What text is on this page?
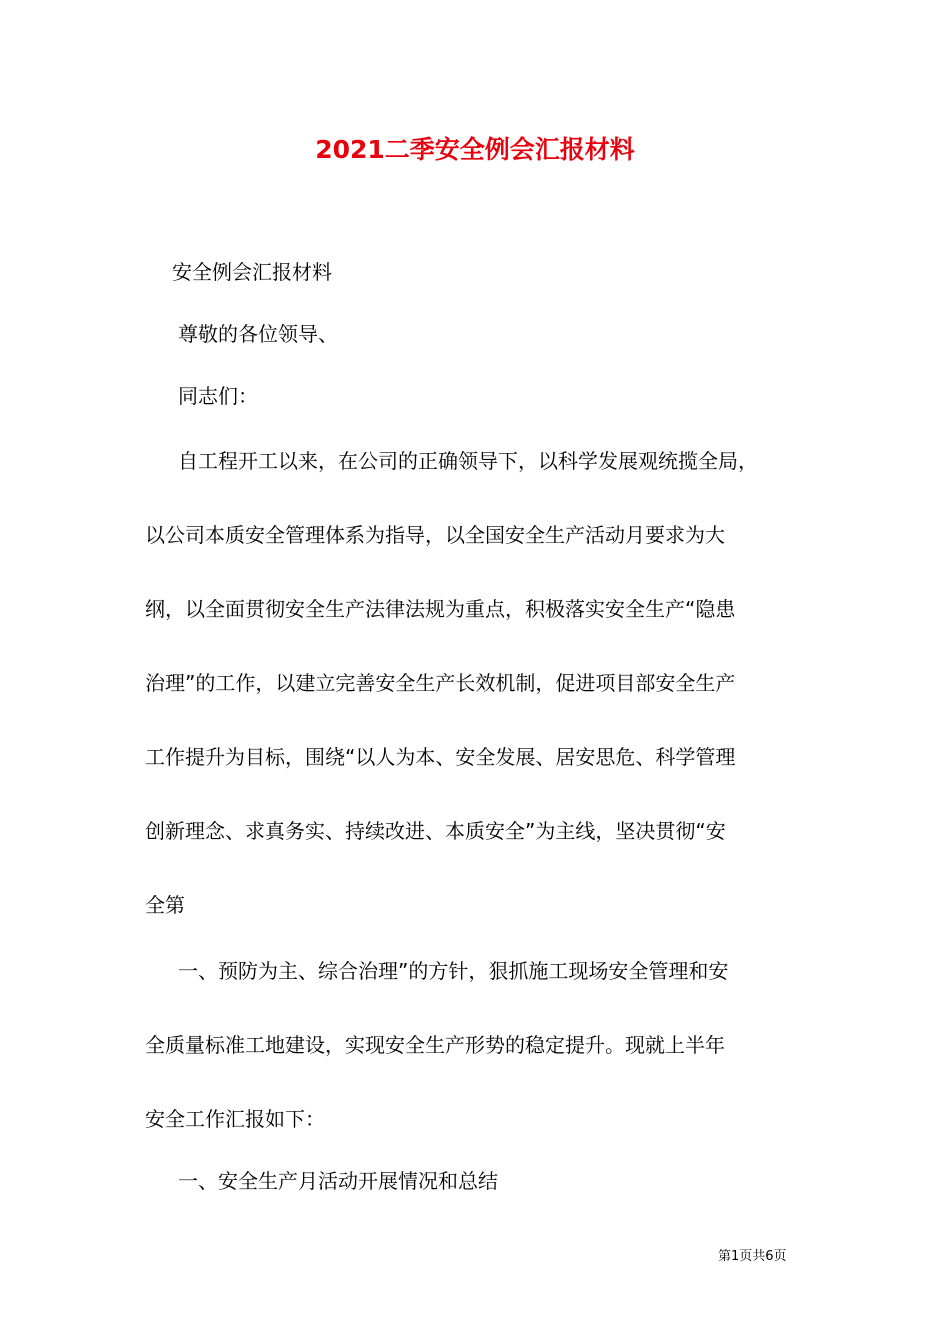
2021二季安全例会汇报材料

安全例会汇报材料

尊敬的各位领导、

同志们：

自工程开工以来，在公司的正确领导下，以科学发展观统揽全局，

以公司本质安全管理体系为指导，以全国安全生产活动月要求为大

纲，以全面贯彻安全生产法律法规为重点，积极落实安全生产“隐患

治理”的工作，以建立完善安全生产长效机制，促进项目部安全生产

工作提升为目标，围绕“以人为本、安全发展、居安思危、科学管理

创新理念、求真务实、持续改进、本质安全”为主线，坚决贯彻“安

全第

一、预防为主、综合治理”的方针，狠抓施工现场安全管理和安

全质量标准工地建设，实现安全生产形势的稳定提升。现就上半年

安全工作汇报如下：

一、安全生产月活动开展情况和总结

第1页共6页
